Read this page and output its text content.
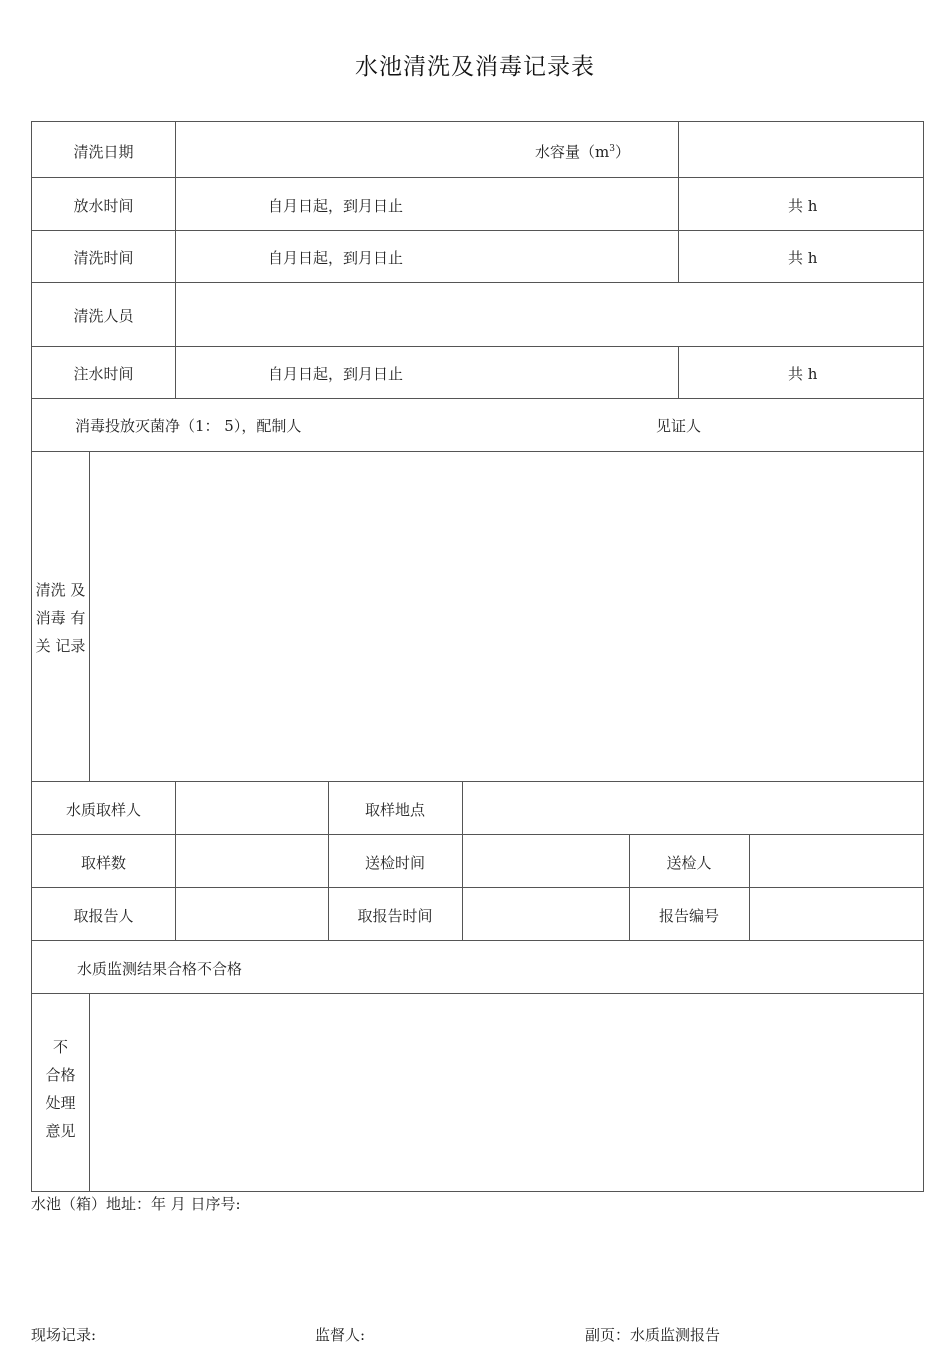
水池清洗及消毒记录表
清洗日期	水容量$(m^3)$
放水时间	自月日起，到月日止	共 h
清洗时间	自月日起，到月日止	共 h
清洗人员
注水时间	自月日起，到月日止	共 h
消毒投放灭菌净（1： 5），配制人	见证人
清洗 及
消毒 有
关 记录
水质取样人	取样地点
取样数	送检时间	送检人
取报告人	取报告时间	报告编号
水质监测结果合格不合格
不
合格
处理
意见
水池（箱）地址：年 月 日序号:
现场记录:	监督人:	副页：水质监测报告
